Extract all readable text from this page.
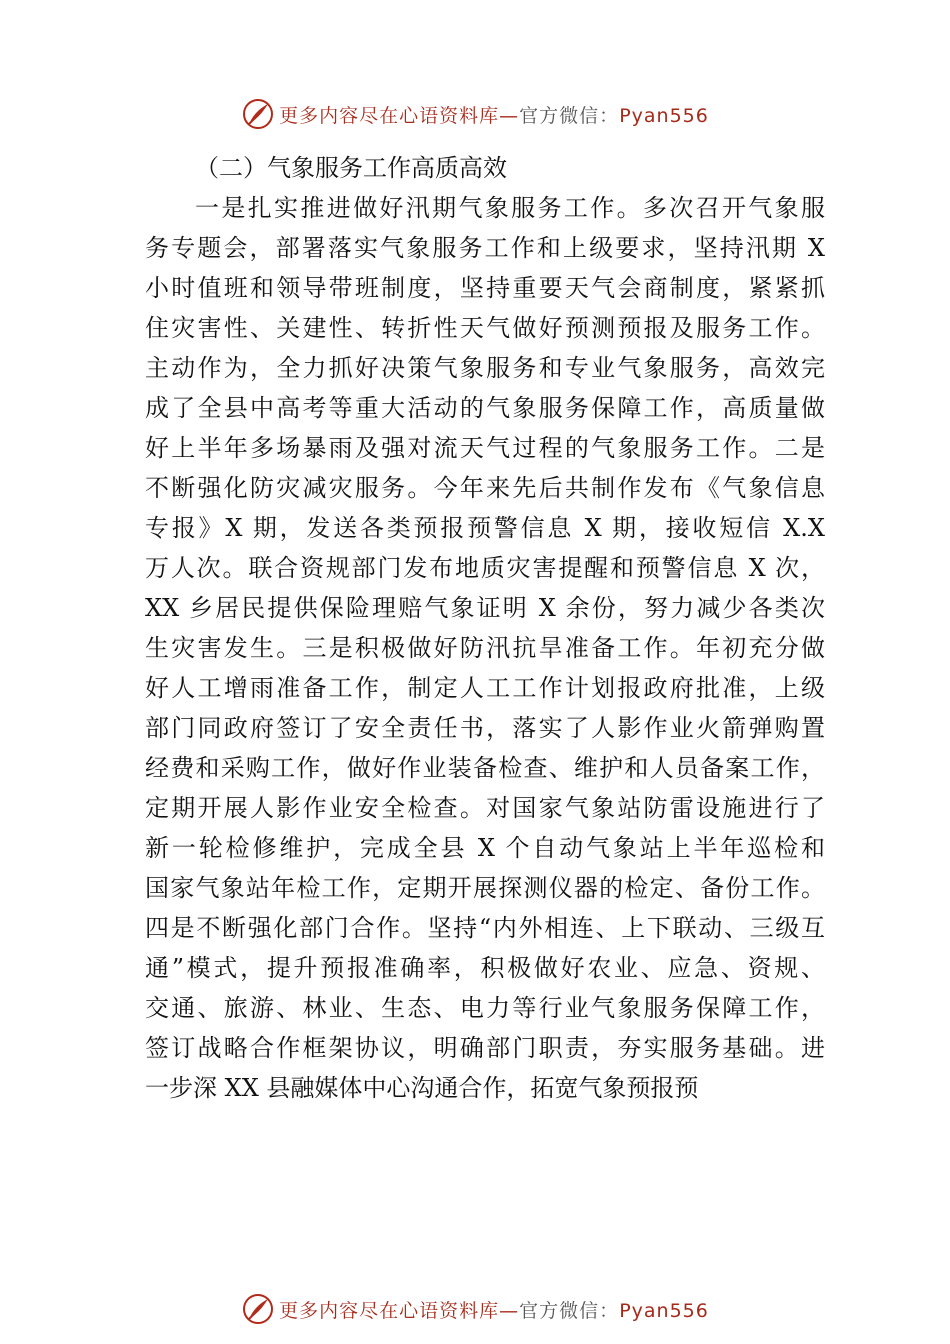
更多内容尽在心语资料库—官方微信：Pyan556
（二）气象服务工作高质高效
一是扎实推进做好汛期气象服务工作。多次召开气象服
务专题会，部署落实气象服务工作和上级要求，坚持汛期 X
小时值班和领导带班制度，坚持重要天气会商制度，紧紧抓
住灾害性、关建性、转折性天气做好预测预报及服务工作。
主动作为，全力抓好决策气象服务和专业气象服务，高效完
成了全县中高考等重大活动的气象服务保障工作，高质量做
好上半年多场暴雨及强对流天气过程的气象服务工作。二是
不断强化防灾减灾服务。今年来先后共制作发布《气象信息
专报》X 期，发送各类预报预警信息 X 期，接收短信 X.X
万人次。联合资规部门发布地质灾害提醒和预警信息 X 次，
XX 乡居民提供保险理赔气象证明 X 余份，努力减少各类次
生灾害发生。三是积极做好防汛抗旱准备工作。年初充分做
好人工增雨准备工作，制定人工工作计划报政府批准，上级
部门同政府签订了安全责任书，落实了人影作业火箭弹购置
经费和采购工作，做好作业装备检查、维护和人员备案工作，
定期开展人影作业安全检查。对国家气象站防雷设施进行了
新一轮检修维护，完成全县 X 个自动气象站上半年巡检和
国家气象站年检工作，定期开展探测仪器的检定、备份工作。
四是不断强化部门合作。坚持“内外相连、上下联动、三级互
通”模式，提升预报准确率，积极做好农业、应急、资规、
交通、旅游、林业、生态、电力等行业气象服务保障工作，
签订战略合作框架协议，明确部门职责，夯实服务基础。进
一步深 XX 县融媒体中心沟通合作，拓宽气象预报预
更多内容尽在心语资料库—官方微信：Pyan556
